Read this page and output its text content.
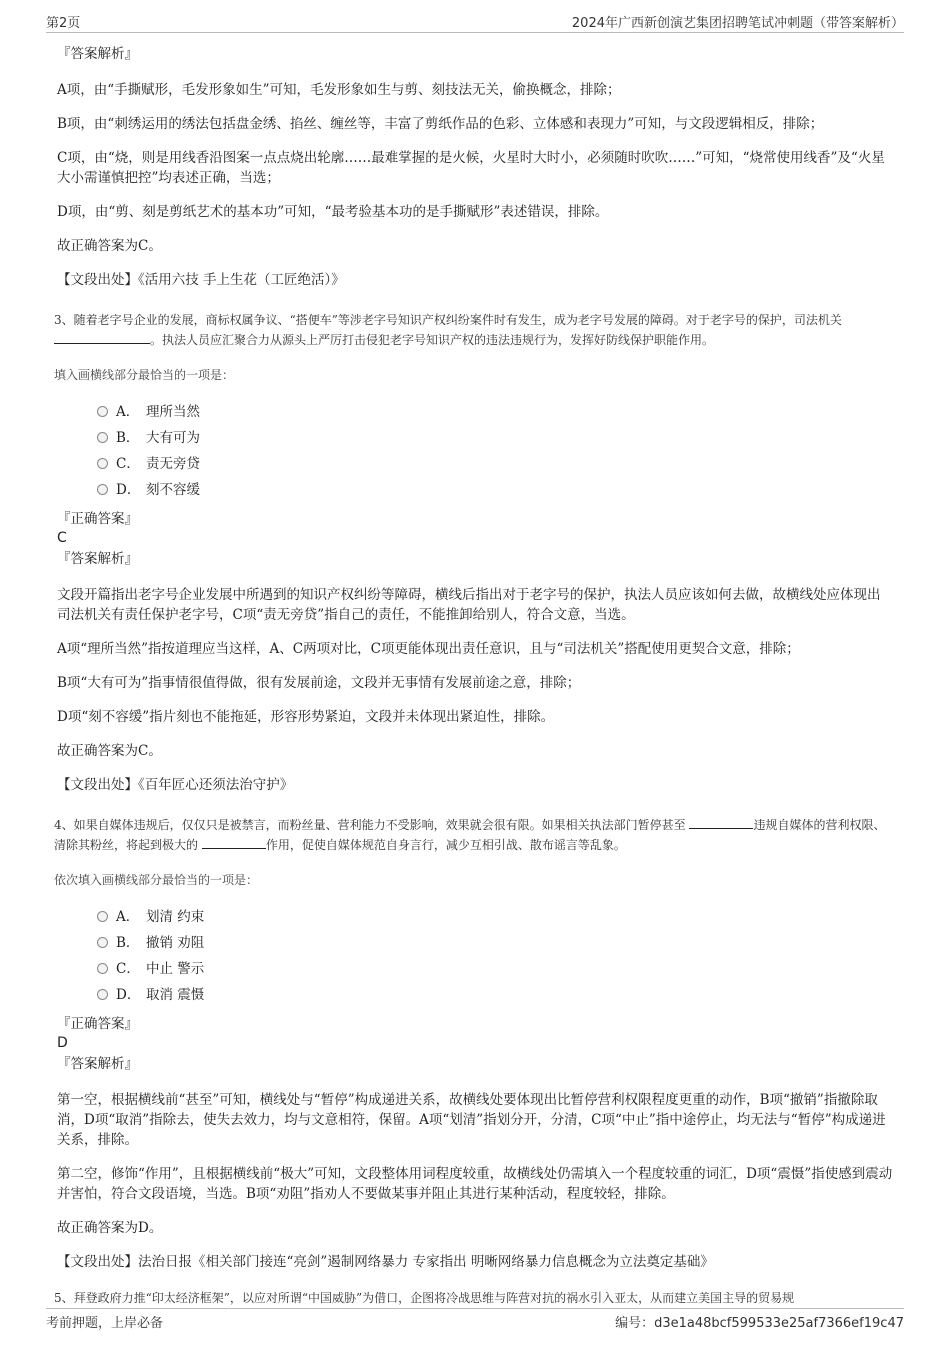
第2页	2024年广西新创演艺集团招聘笔试冲刺题（带答案解析）
『答案解析』

A项，由“手撕赋形，毛发形象如生”可知，毛发形象如生与剪、刻技法无关，偷换概念，排除；

B项，由“刺绣运用的绣法包括盘金绣、掐丝、缠丝等，丰富了剪纸作品的色彩、立体感和表现力”可知，与文段逻辑相反，排除；

C项，由“烧，则是用线香沿图案一点点烧出轮廓……最难掌握的是火候，火星时大时小，必须随时吹吹……”可知，“烧常使用线香”及“火星大小需谨慎把控”均表述正确，当选；

D项，由“剪、刻是剪纸艺术的基本功”可知，“最考验基本功的是手撕赋形”表述错误，排除。

故正确答案为C。

【文段出处】《活用六技 手上生花（工匠绝活）》

3、随着老字号企业的发展，商标权属争议、“搭便车”等涉老字号知识产权纠纷案件时有发生，成为老字号发展的障碍。对于老字号的保护，司法机关 。执法人员应汇聚合力从源头上严厉打击侵犯老字号知识产权的违法违规行为，发挥好防线保护职能作用。
填入画横线部分最恰当的一项是：
A． 理所当然
B． 大有可为
C． 责无旁贷
D． 刻不容缓
『正确答案』
C
『答案解析』

文段开篇指出老字号企业发展中所遇到的知识产权纠纷等障碍，横线后指出对于老字号的保护，执法人员应该如何去做，故横线处应体现出司法机关有责任保护老字号，C项“责无旁贷”指自己的责任，不能推卸给别人，符合文意，当选。

A项“理所当然”指按道理应当这样，A、C两项对比，C项更能体现出责任意识，且与“司法机关”搭配使用更契合文意，排除；

B项“大有可为”指事情很值得做，很有发展前途，文段并无事情有发展前途之意，排除；

D项“刻不容缓”指片刻也不能拖延，形容形势紧迫，文段并未体现出紧迫性，排除。

故正确答案为C。

【文段出处】《百年匠心还须法治守护》

4、如果自媒体违规后，仅仅只是被禁言，而粉丝量、营利能力不受影响，效果就会很有限。如果相关执法部门暂停甚至	违规自媒体的营利权限、清除其粉丝，将起到极大的	作用，促使自媒体规范自身言行，减少互相引战、散布谣言等乱象。
依次填入画横线部分最恰当的一项是：
A． 划清 约束
B． 撤销 劝阻
C． 中止 警示
D． 取消 震慑
『正确答案』
D
『答案解析』

第一空，根据横线前“甚至”可知，横线处与“暂停”构成递进关系，故横线处要体现出比暂停营利权限程度更重的动作，B项“撤销”指撤除取消，D项“取消”指除去，使失去效力，均与文意相符，保留。A项“划清”指划分开，分清，C项“中止”指中途停止，均无法与“暂停”构成递进关系，排除。

第二空，修饰“作用”，且根据横线前“极大”可知，文段整体用词程度较重，故横线处仍需填入一个程度较重的词汇，D项“震慑”指使感到震动并害怕，符合文段语境，当选。B项“劝阻”指劝人不要做某事并阻止其进行某种活动，程度较轻，排除。

故正确答案为D。

【文段出处】法治日报《相关部门接连“亮剑”遏制网络暴力 专家指出 明晰网络暴力信息概念为立法奠定基础》

5、拜登政府力推“印太经济框架”，以应对所谓“中国威胁”为借口，企图将冷战思维与阵营对抗的祸水引入亚太，从而建立美国主导的贸易规
考前押题，上岸必备	编号：d3e1a48bcf599533e25af7366ef19c47
